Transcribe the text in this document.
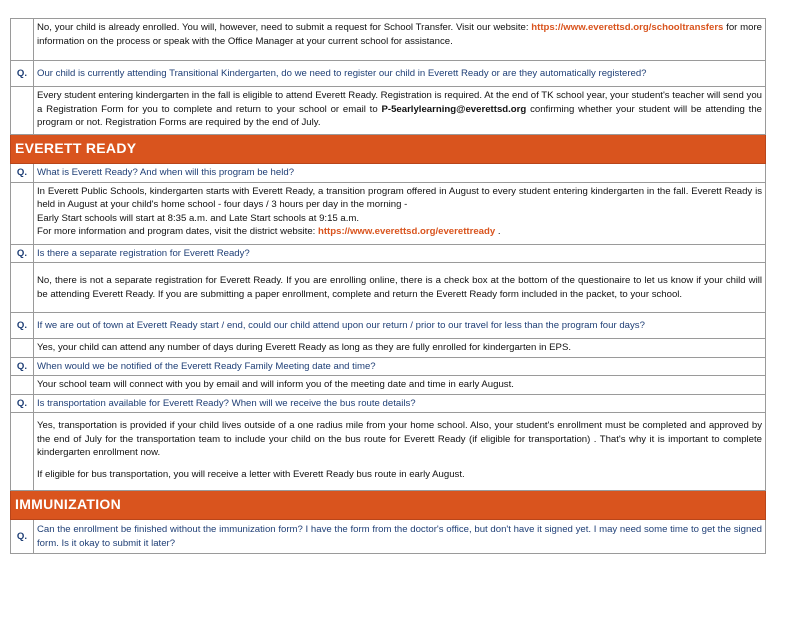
	No, your child is already enrolled. You will, however, need to submit a request for School Transfer. Visit our website: https://www.everettsd.org/schooltransfers for more information on the process or speak with the Office Manager at your current school for assistance.
Q.	Our child is currently attending Transitional Kindergarten, do we need to register our child in Everett Ready or are they automatically registered?
	Every student entering kindergarten in the fall is eligible to attend Everett Ready. Registration is required. At the end of TK school year, your student's teacher will send you a Registration Form for you to complete and return to your school or email to P-5earlylearning@everettsd.org confirming whether your student will be attending the program or not. Registration Forms are required by the end of July.
EVERETT READY	
Q.	What is Everett Ready? And when will this program be held?
	In Everett Public Schools, kindergarten starts with Everett Ready, a transition program offered in August to every student entering kindergarten in the fall. Everett Ready is held in August at your child's home school - four days / 3 hours per day in the morning -
Early Start schools will start at 8:35 a.m. and Late Start schools at 9:15 a.m.
For more information and program dates, visit the district website: https://www.everettsd.org/everettready .
Q.	Is there a separate registration for Everett Ready?
	No, there is not a separate registration for Everett Ready. If you are enrolling online, there is a check box at the bottom of the questionaire to let us know if your child will be attending Everett Ready. If you are submitting a paper enrollment, complete and return the Everett Ready form included in the packet, to your school.
Q.	If we are out of town at Everett Ready start / end, could our child attend upon our return / prior to our travel for less than the program four days?
	Yes, your child can attend any number of days during Everett Ready as long as they are fully enrolled for kindergarten in EPS.
Q.	When would we be notified of the Everett Ready Family Meeting date and time?
	Your school team will connect with you by email and will inform you of the meeting date and time in early August.
Q.	Is transportation available for Everett Ready? When will we receive the bus route details?
	Yes, transportation is provided if your child lives outside of a one radius mile from your home school. Also, your student's enrollment must be completed and approved by the end of July for the transportation team to include your child on the bus route for Everett Ready (if eligible for transportation) . That's why it is important to complete kindergarten enrollment now.
If eligible for bus transportation, you will receive a letter with Everett Ready bus route in early August.
IMMUNIZATION	
Q.	Can the enrollment be finished without the immunization form? I have the form from the doctor's office, but don't have it signed yet. I may need some time to get the signed form. Is it okay to submit it later?
